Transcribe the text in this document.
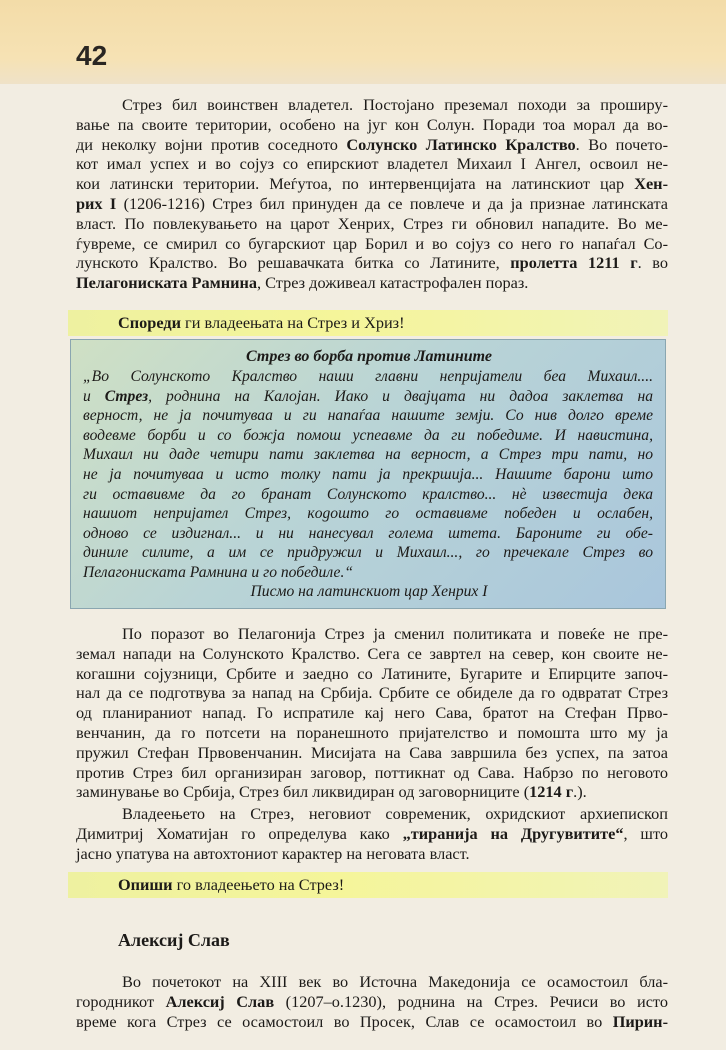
42
Стрез бил воинствен владетел. Постојано преземал походи за проширу-
вање па своите територии, особено на југ кон Солун. Поради тоа морал да во-
ди неколку војни против соседното Солунско Латинско Кралство. Во почето-
кот имал успех и во сојуз со епирскиот владетел Михаил I Ангел, освоил не-
кои латински територии. Меѓутоа, по интервенцијата на латинскиот цар Хен-
рих I (1206-1216) Стрез бил принуден да се повлече и да ја признае латинската
власт. По повлекувањето на царот Хенрих, Стрез ги обновил нападите. Во ме-
ѓувреме, се смирил со бугарскиот цар Борил и во сојуз со него го напаѓал Со-
лунското Кралство. Во решавачката битка со Латините, пролетта 1211 г. во
Пелагониската Рамнина, Стрез доживеал катастрофален пораз.
Спореди ги владеењата на Стрез и Хриз!
Стрез во борба против Латините
„Во Солунското Кралство наши главни непријатели беа Михаил....
и Стрез, роднина на Калојан. Иако и двајцата ни дадоа заклетва на
верност, не ја почитуваа и ги напаѓаа нашите земји. Со нив долго време
водевме борби и со божја помош успеавме да ги победиме. И навистина,
Михаил ни даде четири пати заклетва на верност, а Стрез три пати, но
не ја почитуваа и исто толку пати ја прекршија... Нашите барони што
ги оставивме да го бранат Солунското кралство... нè известија дека
нашиот непријател Стрез, кogошто го оставивме победен и ослабен,
одново се издигнал... и ни нанесувал голема штета. Бароните ги обе-
диниле силите, а им се придружил и Михаил..., го пречекале Стрез во
Пелагониската Рамнина и го победиле.“
Писмо на латинскиот цар Хенрих I
По поразот во Пелагонија Стрез ја сменил политиката и повеќе не пре-
земал напади на Солунското Кралство. Сега се завртел на север, кон своите не-
когашни сојузници, Србите и заедно со Латините, Бугарите и Епирците започ-
нал да се подготвува за напад на Србија. Србите се обиделе да го одвратат Стрез
од планираниот напад. Го испратиле кај него Сава, братот на Стефан Прво-
венчанин, да го потсети на поранешното пријателство и помошта што му ја
пружил Стефан Првовенчанин. Мисијата на Сава завршила без успех, па затоа
против Стрез бил организиран заговор, поттикнат од Сава. Набрзо по неговото
заминување во Србија, Стрез бил ликвидиран од заговорниците (1214 г.).
Владеењето на Стрез, неговиот современик, охридскиот архиепископ
Димитриј Хоматијан го определува како „тиранија на Другувитите“, што
јасно упатува на автохтониот карактер на неговата власт.
Опиши го владеењето на Стрез!
Алексиј Слав
Во почетокот на XIII век во Источна Македонија се осамостоил бла-
городникот Алексиј Слав (1207–о.1230), роднина на Стрез. Речиси во исто
време кога Стрез се осамостоил во Просек, Слав се осамостоил во Пирин-
